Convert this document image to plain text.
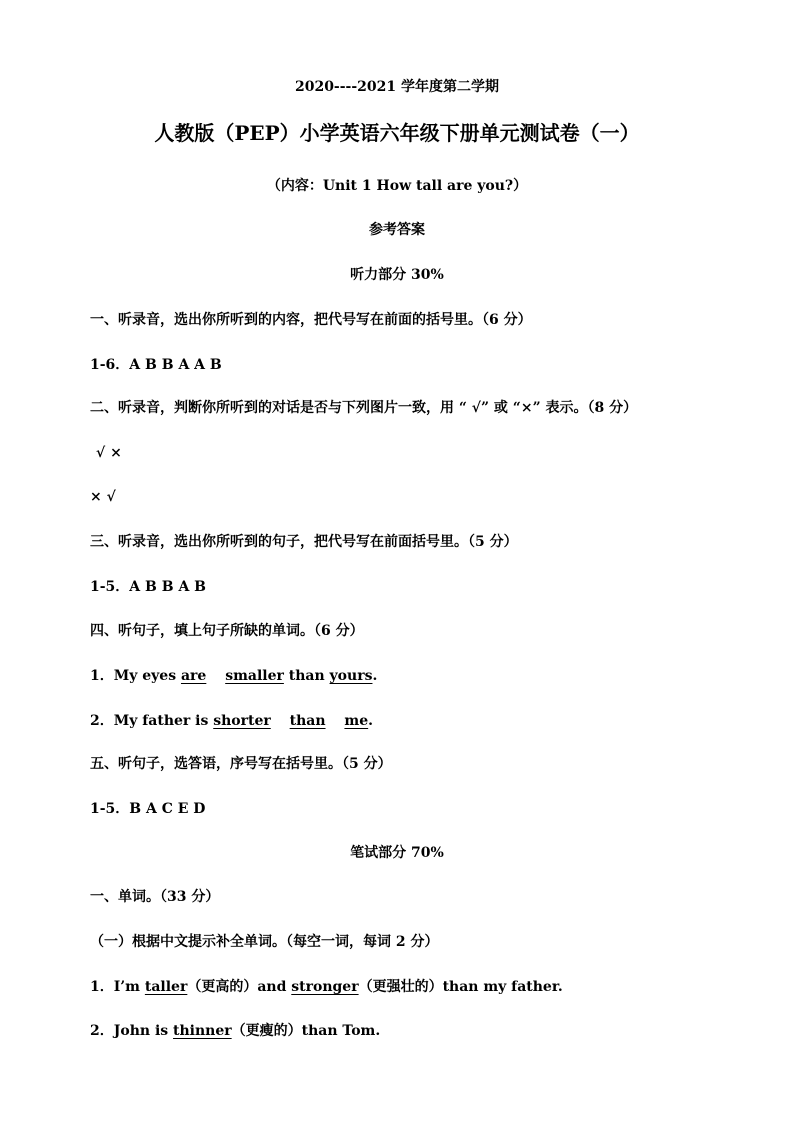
2020----2021 学年度第二学期
人教版（PEP）小学英语六年级下册单元测试卷（一）
（内容：Unit 1 How tall are you?）
参考答案
听力部分 30%
一、听录音，选出你所听到的内容，把代号写在前面的括号里。（6 分）
1-6．A B B A A B
二、听录音，判断你所听到的对话是否与下列图片一致，用 “ √” 或 “×” 表示。（8 分）
√ ×
× √
三、听录音，选出你所听到的句子，把代号写在前面括号里。（5 分）
1-5．A B B A B
四、听句子，填上句子所缺的单词。（6 分）
1．My eyes are smaller than yours.
2．My father is shorter than me.
五、听句子，选答语，序号写在括号里。（5 分）
1-5．B A C E D
笔试部分 70%
一、单词。（33 分）
（一）根据中文提示补全单词。（每空一词，每词 2 分）
1．I’m taller（更高的）and stronger（更强壮的）than my father.
2．John is thinner（更瘦的）than Tom.
